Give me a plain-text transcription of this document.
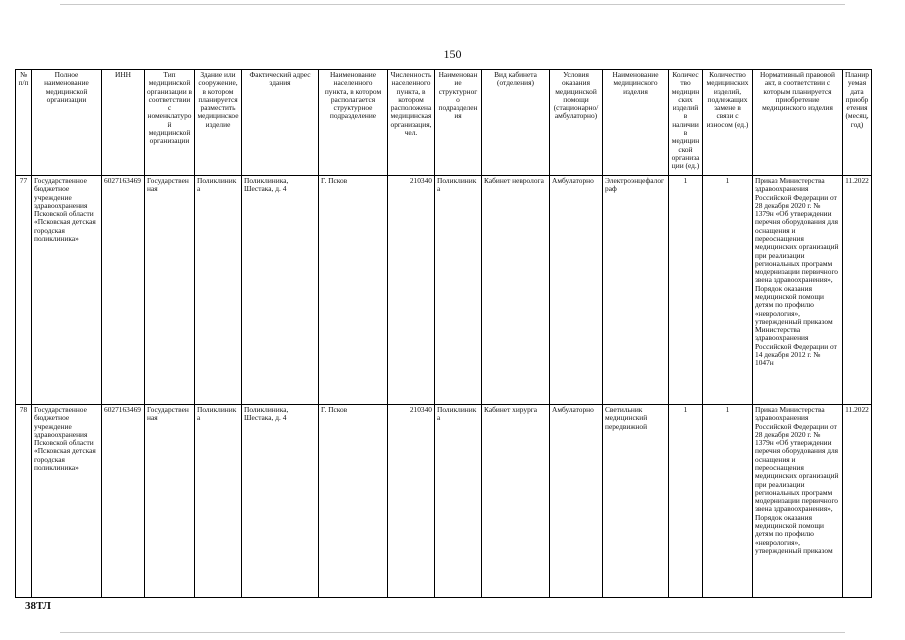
150
№ п/п	Полное наименование медицинской организации	ИНН	Тип медицинской организации в соответствии с номенклатурой медицинской организации	Здание или сооружение, в котором планируется разместить медицинское изделие	Фактический адрес здания	Наименование населенного пункта, в котором располагается структурное подразделение	Численность населенного пункта, в котором расположена медицинская организация, чел.	Наименование структурного подразделения	Вид кабинета (отделения)	Условия оказания медицинской помощи (стационарно/ амбулаторно)	Наименование медицинского изделия	Количество медицинских изделий в наличии в медицинской организации (ед.)	Количество медицинских изделий, подлежащих замене в связи с износом (ед.)	Нормативный правовой акт, в соответствии с которым планируется приобретение медицинского изделия	Планируемая дата приобретения (месяц, год)
77	Государственное бюджетное учреждение здравоохранения Псковской области «Псковская детская городская поликлиника»	6027163469	Государственная	Поликлиника	Поликлиника, Шестака, д. 4	Г. Псков	210340	Поликлиника	Кабинет невролога	Амбулаторно	Электроэнцефалограф	1	1	Приказ Министерства здравоохранения Российской Федерации от 28 декабря 2020 г. № 1379н «Об утверждении перечня оборудования для оснащения и переоснащения медицинских организаций при реализации региональных программ модернизации первичного звена здравоохранения», Порядок оказания медицинской помощи детям по профилю «неврология», утвержденный приказом Министерства здравоохранения Российской Федерации от 14 декабря 2012 г. № 1047н	11.2022
78	Государственное бюджетное учреждение здравоохранения Псковской области «Псковская детская городская поликлиника»	6027163469	Государственная	Поликлиника	Поликлиника, Шестака, д. 4	Г. Псков	210340	Поликлиника	Кабинет хирурга	Амбулаторно	Светильник медицинский передвижной	1	1	Приказ Министерства здравоохранения Российской Федерации от 28 декабря 2020 г. № 1379н «Об утверждении перечня оборудования для оснащения и переоснащения медицинских организаций при реализации региональных программ модернизации первичного звена здравоохранения», Порядок оказания медицинской помощи детям по профилю «неврология», утвержденный приказом	11.2022
38ТЛ
